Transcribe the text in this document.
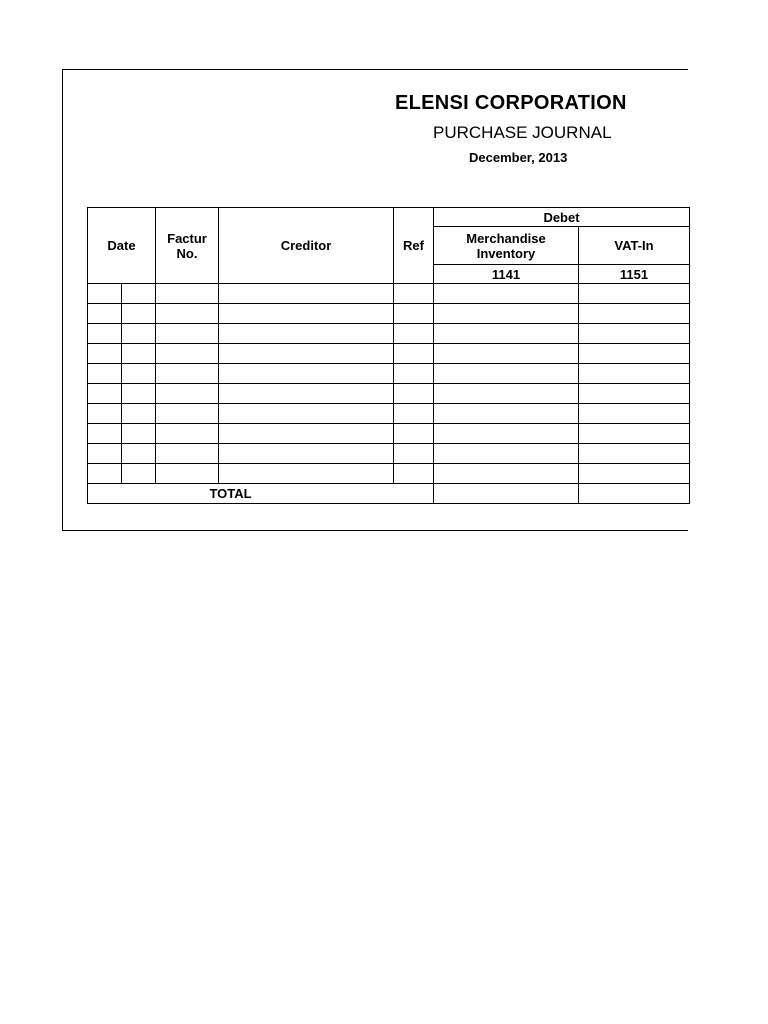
ELENSI CORPORATION
PURCHASE JOURNAL
December, 2013
Date		Factur No.	Creditor	Ref	Debet	
					Merchandise Inventory	VAT-In
					1141	1151

TOTAL						
